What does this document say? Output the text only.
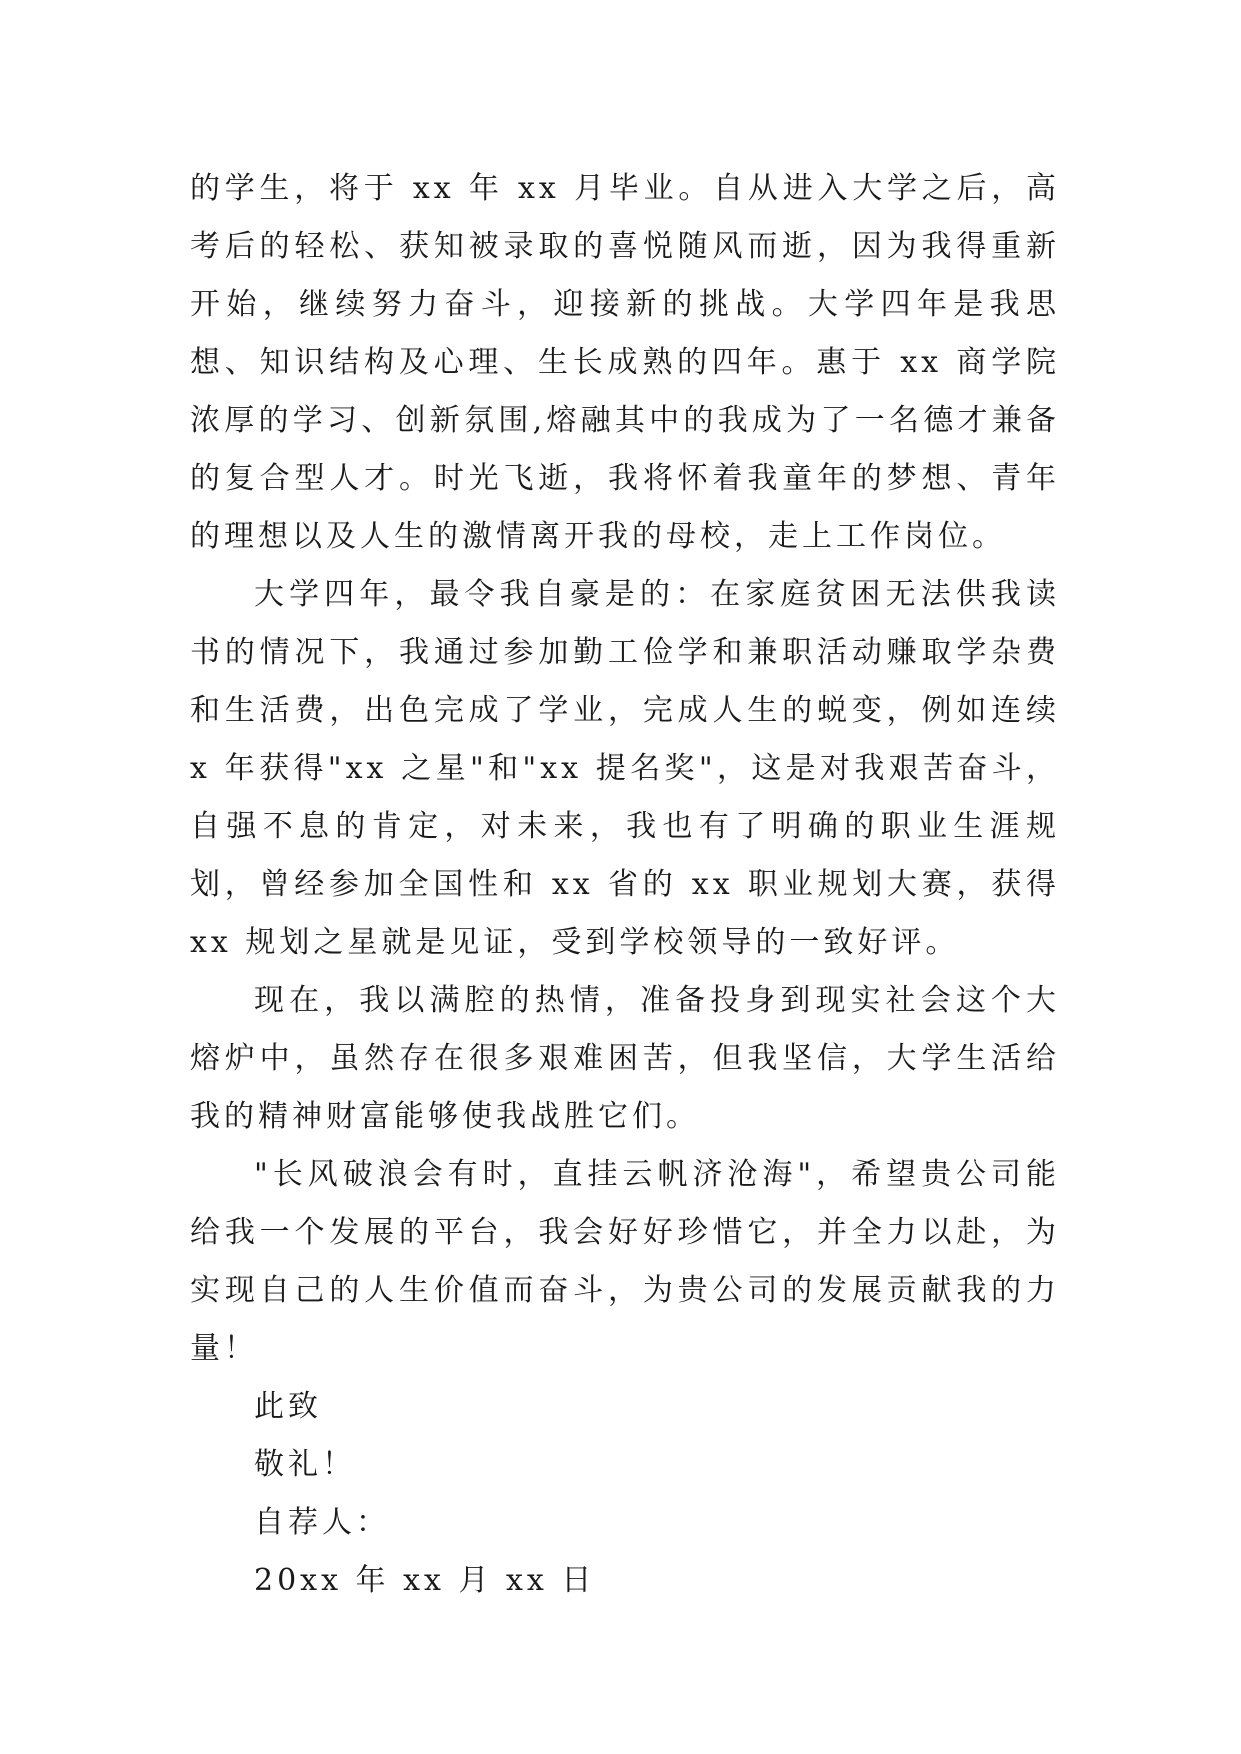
的学生，将于 xx 年 xx 月毕业。自从进入大学之后，高考后的轻松、获知被录取的喜悦随风而逝，因为我得重新开始，继续努力奋斗，迎接新的挑战。大学四年是我思想、知识结构及心理、生长成熟的四年。惠于 xx 商学院浓厚的学习、创新氛围,熔融其中的我成为了一名德才兼备的复合型人才。时光飞逝，我将怀着我童年的梦想、青年的理想以及人生的激情离开我的母校，走上工作岗位。

大学四年，最令我自豪是的：在家庭贫困无法供我读书的情况下，我通过参加勤工俭学和兼职活动赚取学杂费和生活费，出色完成了学业，完成人生的蜕变，例如连续 x 年获得"xx 之星"和"xx 提名奖"，这是对我艰苦奋斗，自强不息的肯定，对未来，我也有了明确的职业生涯规划，曾经参加全国性和 xx 省的 xx 职业规划大赛，获得 xx 规划之星就是见证，受到学校领导的一致好评。

现在，我以满腔的热情，准备投身到现实社会这个大熔炉中，虽然存在很多艰难困苦，但我坚信，大学生活给我的精神财富能够使我战胜它们。

"长风破浪会有时，直挂云帆济沧海"，希望贵公司能给我一个发展的平台，我会好好珍惜它，并全力以赴，为实现自己的人生价值而奋斗，为贵公司的发展贡献我的力量！

此致

敬礼！

自荐人：

20xx 年 xx 月 xx 日
